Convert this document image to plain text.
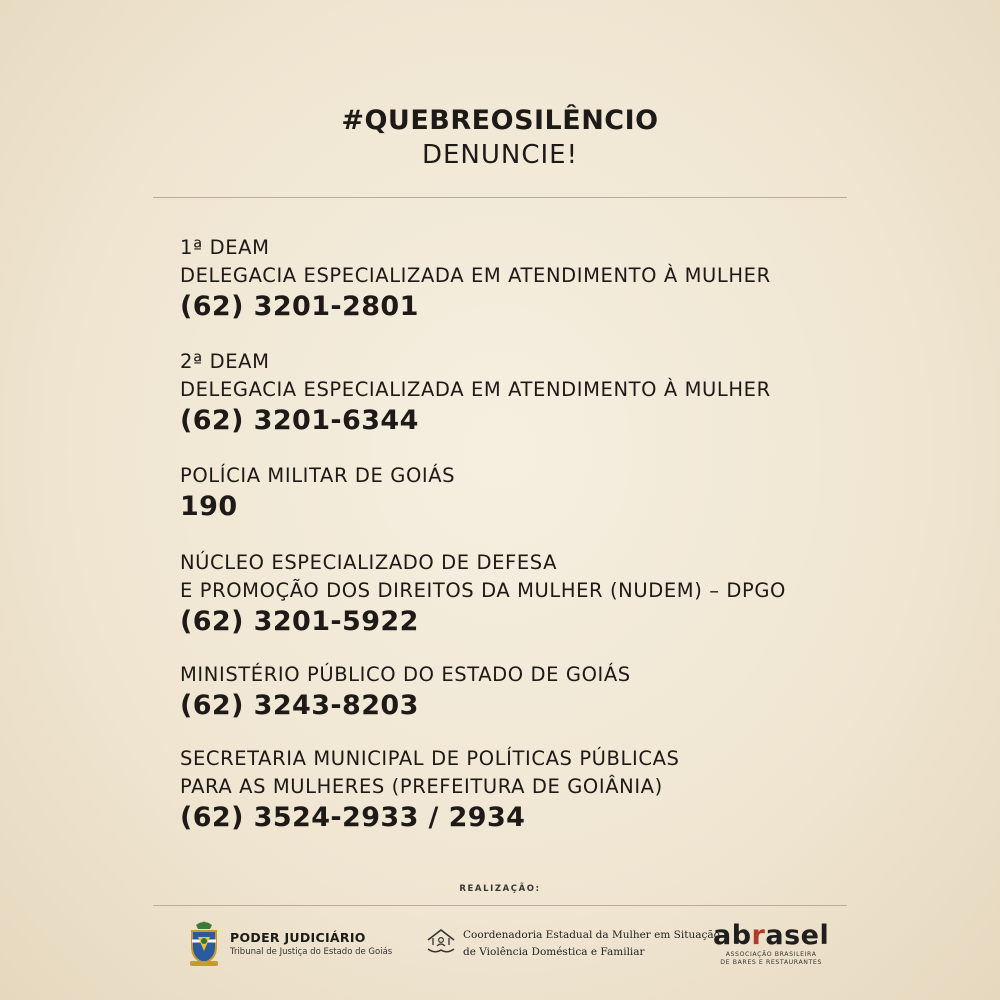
#QUEBREOSILÊNCIO
DENUNCIE!
1ª DEAM
DELEGACIA ESPECIALIZADA EM ATENDIMENTO À MULHER
(62) 3201-2801
2ª DEAM
DELEGACIA ESPECIALIZADA EM ATENDIMENTO À MULHER
(62) 3201-6344
POLÍCIA MILITAR DE GOIÁS
190
NÚCLEO ESPECIALIZADO DE DEFESA
E PROMOÇÃO DOS DIREITOS DA MULHER (NUDEM) – DPGO
(62) 3201-5922
MINISTÉRIO PÚBLICO DO ESTADO DE GOIÁS
(62) 3243-8203
SECRETARIA MUNICIPAL DE POLÍTICAS PÚBLICAS
PARA AS MULHERES (PREFEITURA DE GOIÂNIA)
(62) 3524-2933 / 2934
REALIZAÇÃO:
PODER JUDICIÁRIO
Tribunal de Justiça do Estado de Goiás
Coordenadoria Estadual da Mulher em Situação
de Violência Doméstica e Familiar
abrasel
ASSOCIAÇÃO BRASILEIRA
DE BARES E RESTAURANTES
